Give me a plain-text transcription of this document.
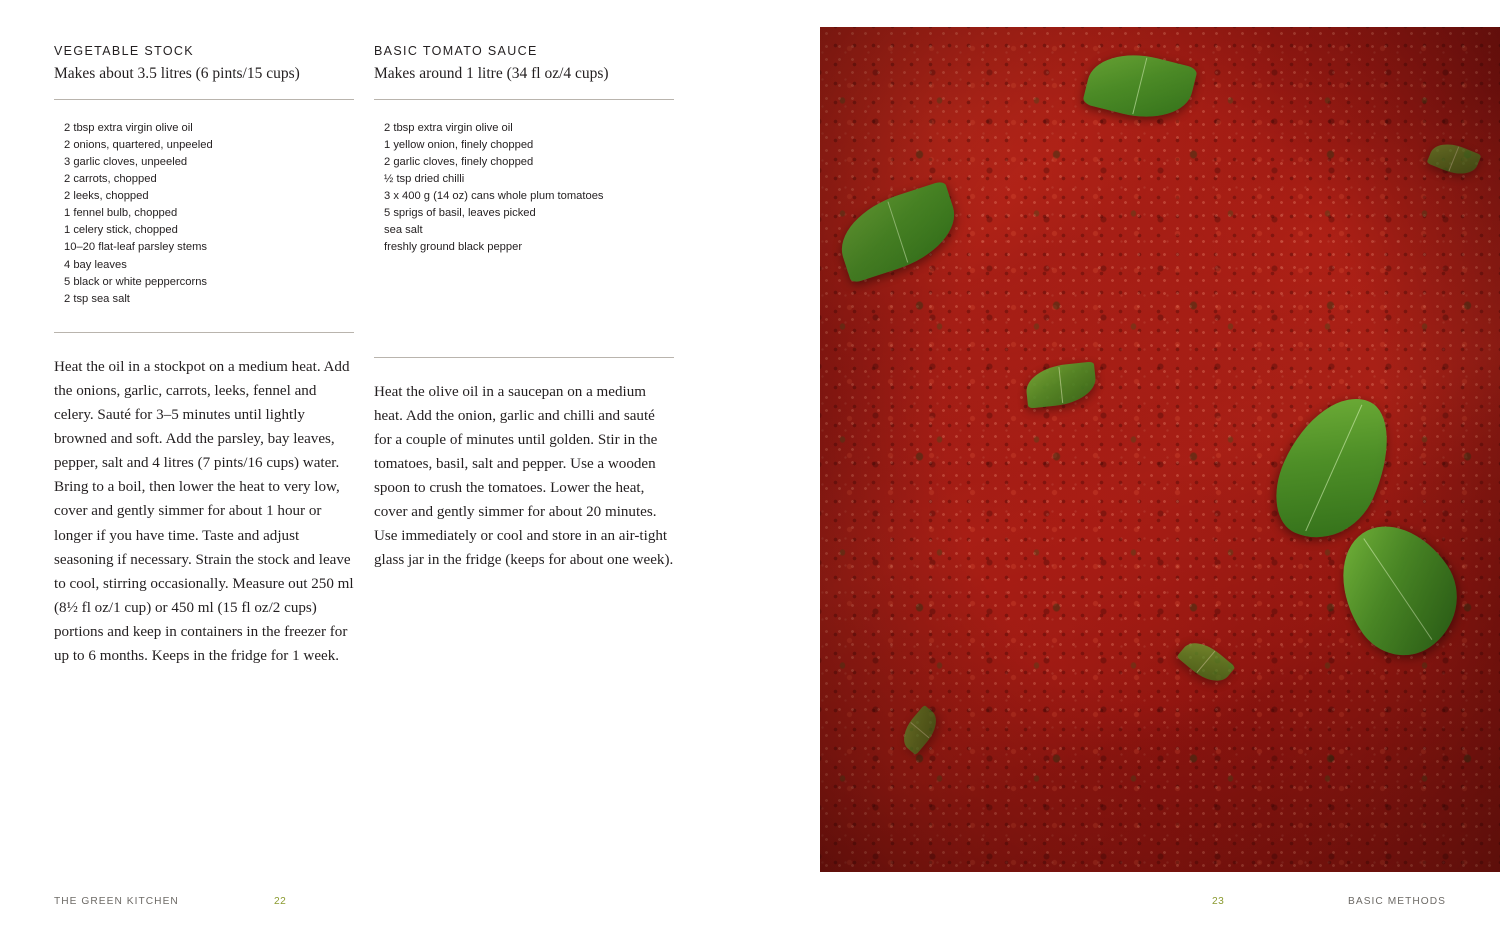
VEGETABLE STOCK

Makes about 3.5 litres (6 pints/15 cups)

2 tbsp extra virgin olive oil
2 onions, quartered, unpeeled
3 garlic cloves, unpeeled
2 carrots, chopped
2 leeks, chopped
1 fennel bulb, chopped
1 celery stick, chopped
10–20 flat-leaf parsley stems
4 bay leaves
5 black or white peppercorns
2 tsp sea salt

Heat the oil in a stockpot on a medium heat. Add the onions, garlic, carrots, leeks, fennel and celery. Sauté for 3–5 minutes until lightly browned and soft. Add the parsley, bay leaves, pepper, salt and 4 litres (7 pints/16 cups) water. Bring to a boil, then lower the heat to very low, cover and gently simmer for about 1 hour or longer if you have time. Taste and adjust seasoning if necessary. Strain the stock and leave to cool, stirring occasionally. Measure out 250 ml (8½ fl oz/1 cup) or 450 ml (15 fl oz/2 cups) portions and keep in containers in the freezer for up to 6 months. Keeps in the fridge for 1 week.

BASIC TOMATO SAUCE

Makes around 1 litre (34 fl oz/4 cups)

2 tbsp extra virgin olive oil
1 yellow onion, finely chopped
2 garlic cloves, finely chopped
½ tsp dried chilli
3 x 400 g (14 oz) cans whole plum tomatoes
5 sprigs of basil, leaves picked
sea salt
freshly ground black pepper

Heat the olive oil in a saucepan on a medium heat. Add the onion, garlic and chilli and sauté for a couple of minutes until golden. Stir in the tomatoes, basil, salt and pepper. Use a wooden spoon to crush the tomatoes. Lower the heat, cover and gently simmer for about 20 minutes. Use immediately or cool and store in an air-tight glass jar in the fridge (keeps for about one week).

THE GREEN KITCHEN	22	23	BASIC METHODS
